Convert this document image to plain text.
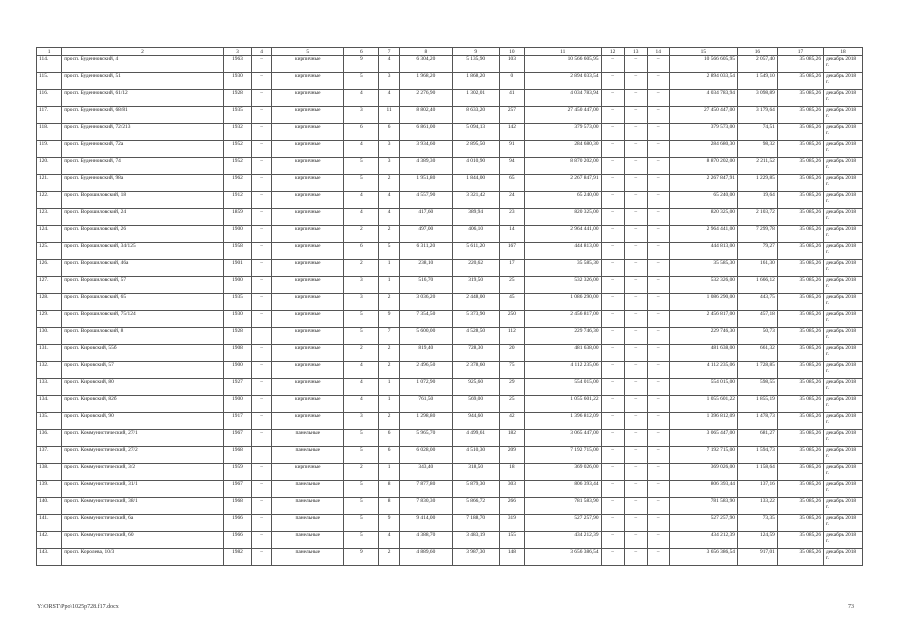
1	2	3	4	5	6	7	8	9	10	11	12	13	14	15	16	17	18
114.	просп. Буденновский, 4	1963	–	кирпичные	9	4	6 304,20	5 135,90	103	10 566 605,95	–	–	–	10 566 605,95	2 057,40	35 085,26	декабрь 2018 г.
115.	просп. Буденновский, 51	1930	–	кирпичные	5	3	1 968,20	1 868,20	0	2 894 033,54	–	–	–	2 894 033,54	1 549,10	35 085,26	декабрь 2018 г.
116.	просп. Буденновский, 61/12	1928	–	кирпичные	4	4	2 276,90	1 302,01	41	4 034 783,94	–	–	–	4 034 783,94	3 098,89	35 085,26	декабрь 2018 г.
117.	просп. Буденновский, 68/81	1935	–	кирпичные	3	11	8 802,40	8 633,20	257	27 450 447,00	–	–	–	27 450 447,00	3 179,64	35 085,26	декабрь 2018 г.
118.	просп. Буденновский, 72/213	1932	–	кирпичные	6	6	6 861,00	5 094,13	142	379 573,00	–	–	–	379 573,00	74,51	35 085,26	декабрь 2018 г.
119.	просп. Буденновский, 72а	1952	–	кирпичные	4	3	3 934,60	2 895,50	91	284 680,30	–	–	–	284 680,30	98,32	35 085,26	декабрь 2018 г.
120.	просп. Буденновский, 74	1952	–	кирпичные	5	3	4 389,30	4 010,90	94	8 870 202,00	–	–	–	8 870 202,00	2 211,52	35 085,26	декабрь 2018 г.
121.	просп. Буденновский, 98а	1962	–	кирпичные	5	2	1 951,80	1 844,00	65	2 267 847,91	–	–	–	2 267 847,91	1 229,85	35 085,26	декабрь 2018 г.
122.	просп. Ворошиловский, 18	1912	–	кирпичные	4	4	4 557,90	3 321,42	24	65 240,00	–	–	–	65 240,00	19,64	35 085,26	декабрь 2018 г.
123.	просп. Ворошиловский, 24	1859	–	кирпичные	4	4	417,60	389,94	23	820 325,00	–	–	–	820 325,00	2 103,72	35 085,26	декабрь 2018 г.
124.	просп. Ворошиловский, 26	1900	–	кирпичные	2	2	497,00	406,10	14	2 964 441,00	–	–	–	2 964 441,00	7 299,78	35 085,26	декабрь 2018 г.
125.	просп. Ворошиловский, 34/125	1958	–	кирпичные	6	5	6 311,20	5 611,20	167	444 813,00	–	–	–	444 813,00	79,27	35 085,26	декабрь 2018 г.
126.	просп. Ворошиловский, 46а	1901	–	кирпичные	2	1	238,10	220,62	17	35 585,30	–	–	–	35 585,30	161,30	35 085,26	декабрь 2018 г.
127.	просп. Ворошиловский, 57	1900	–	кирпичные	3	1	516,70	319,50	25	532 326,00	–	–	–	532 326,00	1 666,12	35 085,26	декабрь 2018 г.
128.	просп. Ворошиловский, 65	1935	–	кирпичные	3	2	3 036,20	2 448,00	45	1 086 290,00	–	–	–	1 086 290,00	443,75	35 085,26	декабрь 2018 г.
129.	просп. Ворошиловский, 75/124	1930	–	кирпичные	5	9	7 354,50	5 373,90	250	2 456 817,00	–	–	–	2 456 817,00	457,18	35 085,26	декабрь 2018 г.
130.	просп. Ворошиловский, 8	1928		кирпичные	5	7	5 600,00	4 528,50	112	229 746,30	–	–	–	229 746,30	50,73	35 085,26	декабрь 2018 г.
131.	просп. Кировский, 55б	1908	–	кирпичные	2	2	819,40	728,30	20	481 638,00	–	–	–	481 638,00	661,32	35 085,26	декабрь 2018 г.
132.	просп. Кировский, 57	1900	–	кирпичные	4	2	2 496,50	2 378,60	75	4 112 235,06	–	–	–	4 112 235,06	1 728,85	35 085,26	декабрь 2018 г.
133.	просп. Кировский, 80	1927	–	кирпичные	4	1	1 072,90	925,60	29	554 015,00	–	–	–	554 015,00	598,55	35 085,26	декабрь 2018 г.
134.	просп. Кировский, 82б	1900	–	кирпичные	4	1	761,50	569,00	25	1 055 601,22	–	–	–	1 055 601,22	1 855,19	35 085,26	декабрь 2018 г.
135.	просп. Кировский, 90	1917	–	кирпичные	3	2	1 298,80	944,60	42	1 396 812,09	–	–	–	1 396 812,09	1 478,73	35 085,26	декабрь 2018 г.
136.	просп. Коммунистический, 27/1	1967	–	панельные	5	6	5 965,70	4 499,61	182	3 065 447,00	–	–	–	3 065 447,00	681,27	35 085,26	декабрь 2018 г.
137.	просп. Коммунистический, 27/2	1968		панельные	5	6	6 028,00	4 510,30	209	7 192 715,00	–	–	–	7 192 715,00	1 594,73	35 085,26	декабрь 2018 г.
138.	просп. Коммунистический, 3/2	1959	–	кирпичные	2	1	343,40	318,50	18	369 026,00	–	–	–	369 026,00	1 158,64	35 085,26	декабрь 2018 г.
139.	просп. Коммунистический, 31/1	1967	–	панельные	5	8	7 877,80	5 879,30	303	806 393,44	–	–	–	806 393,44	137,16	35 085,26	декабрь 2018 г.
140.	просп. Коммунистический, 38/1	1968	–	панельные	5	8	7 830,30	5 866,72	266	781 583,90	–	–	–	781 583,90	133,22	35 085,26	декабрь 2018 г.
141.	просп. Коммунистический, 6а	1966	–	панельные	5	9	9 414,00	7 188,70	319	527 257,90	–	–	–	527 257,90	73,35	35 085,26	декабрь 2018 г.
142.	просп. Коммунистический, 60	1966	–	панельные	5	4	4 388,70	3 483,19	155	434 212,39	–	–	–	434 212,39	124,59	35 085,26	декабрь 2018 г.
143.	просп. Королева, 10/3	1982	–	панельные	9	2	4 889,60	3 987,30	148	3 656 386,54	–	–	–	3 656 386,54	917,01	35 085,26	декабрь 2018 г.
Y:\ORST\Ppo\1025p728.f17.docx	73
